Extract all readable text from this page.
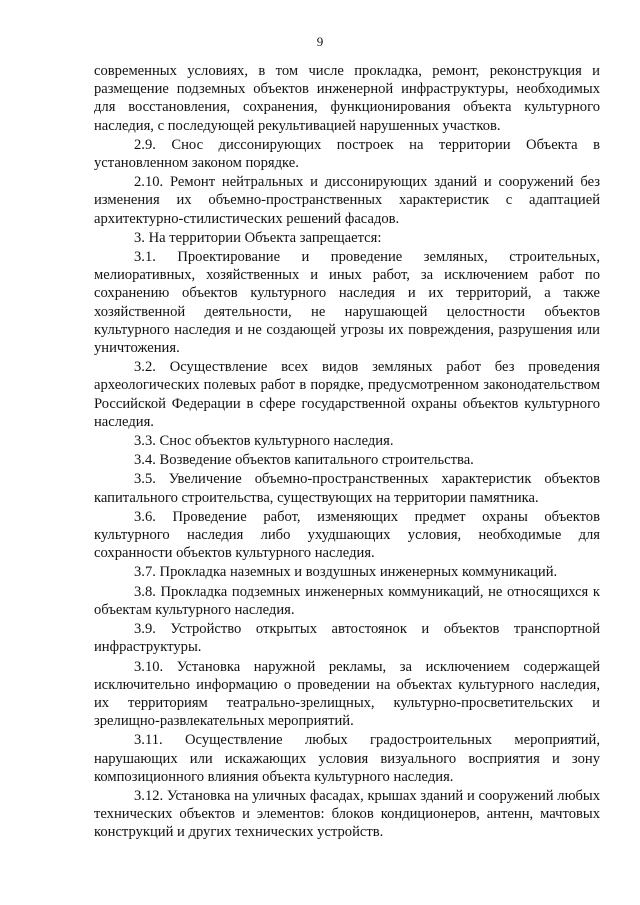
9

современных условиях, в том числе прокладка, ремонт, реконструкция и размещение подземных объектов инженерной инфраструктуры, необходимых для восстановления, сохранения, функционирования объекта культурного наследия, с последующей рекультивацией нарушенных участков.

2.9. Снос диссонирующих построек на территории Объекта в установленном законом порядке.

2.10. Ремонт нейтральных и диссонирующих зданий и сооружений без изменения их объемно-пространственных характеристик с адаптацией архитектурно-стилистических решений фасадов.

3. На территории Объекта запрещается:

3.1. Проектирование и проведение земляных, строительных, мелиоративных, хозяйственных и иных работ, за исключением работ по сохранению объектов культурного наследия и их территорий, а также хозяйственной деятельности, не нарушающей целостности объектов культурного наследия и не создающей угрозы их повреждения, разрушения или уничтожения.

3.2. Осуществление всех видов земляных работ без проведения археологических полевых работ в порядке, предусмотренном законодательством Российской Федерации в сфере государственной охраны объектов культурного наследия.

3.3. Снос объектов культурного наследия.

3.4. Возведение объектов капитального строительства.

3.5. Увеличение объемно-пространственных характеристик объектов капитального строительства, существующих на территории памятника.

3.6. Проведение работ, изменяющих предмет охраны объектов культурного наследия либо ухудшающих условия, необходимые для сохранности объектов культурного наследия.

3.7. Прокладка наземных и воздушных инженерных коммуникаций.

3.8. Прокладка подземных инженерных коммуникаций, не относящихся к объектам культурного наследия.

3.9. Устройство открытых автостоянок и объектов транспортной инфраструктуры.

3.10. Установка наружной рекламы, за исключением содержащей исключительно информацию о проведении на объектах культурного наследия, их территориям театрально-зрелищных, культурно-просветительских и зрелищно-развлекательных мероприятий.

3.11. Осуществление любых градостроительных мероприятий, нарушающих или искажающих условия визуального восприятия и зону композиционного влияния объекта культурного наследия.

3.12. Установка на уличных фасадах, крышах зданий и сооружений любых технических объектов и элементов: блоков кондиционеров, антенн, мачтовых конструкций и других технических устройств.
